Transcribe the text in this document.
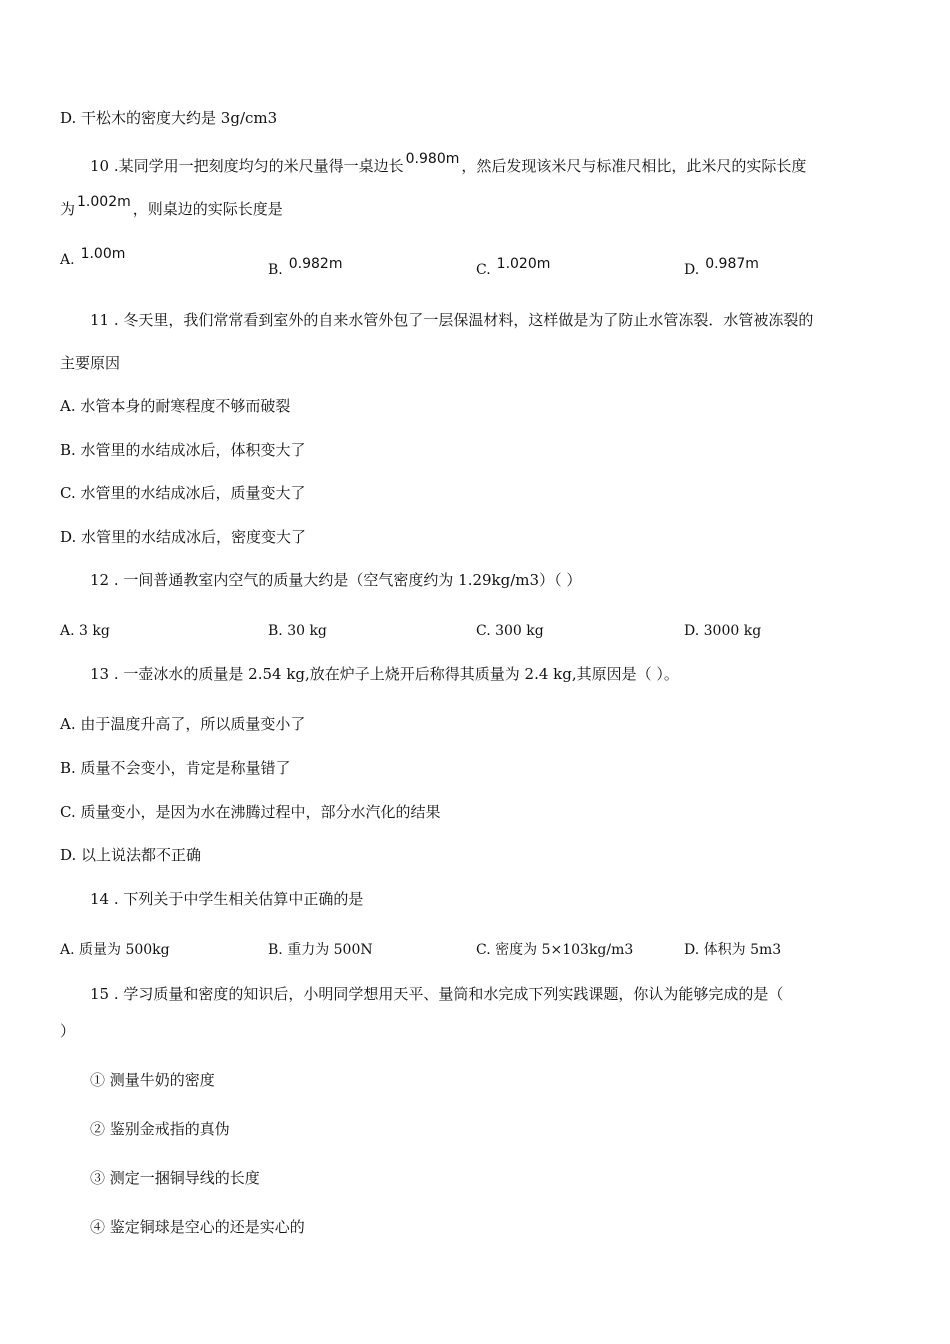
D. 干松木的密度大约是 3g/cm3
10 .某同学用一把刻度均匀的米尺量得一桌边长 0.980m ，然后发现该米尺与标准尺相比，此米尺的实际长度
为 1.002m ，则桌边的实际长度是
A. 1.00m
B. 0.982m	C. 1.020m	D. 0.987m
11 . 冬天里，我们常常看到室外的自来水管外包了一层保温材料，这样做是为了防止水管冻裂．水管被冻裂的
主要原因
A. 水管本身的耐寒程度不够而破裂
B. 水管里的水结成冰后，体积变大了
C. 水管里的水结成冰后，质量变大了
D. 水管里的水结成冰后，密度变大了
12 . 一间普通教室内空气的质量大约是（空气密度约为 1.29kg/m3）（ ）
A. 3 kg	B. 30 kg	C. 300 kg	D. 3000 kg
13 . 一壶冰水的质量是 2.54 kg,放在炉子上烧开后称得其质量为 2.4 kg,其原因是（ ）。
A. 由于温度升高了，所以质量变小了
B. 质量不会变小，肯定是称量错了
C. 质量变小，是因为水在沸腾过程中，部分水汽化的结果
D. 以上说法都不正确
14 . 下列关于中学生相关估算中正确的是
A. 质量为 500kg	B. 重力为 500N	C. 密度为 5×103kg/m3	D. 体积为 5m3
15 . 学习质量和密度的知识后，小明同学想用天平、量筒和水完成下列实践课题，你认为能够完成的是（
）
① 测量牛奶的密度
② 鉴别金戒指的真伪
③ 测定一捆铜导线的长度
④ 鉴定铜球是空心的还是实心的
